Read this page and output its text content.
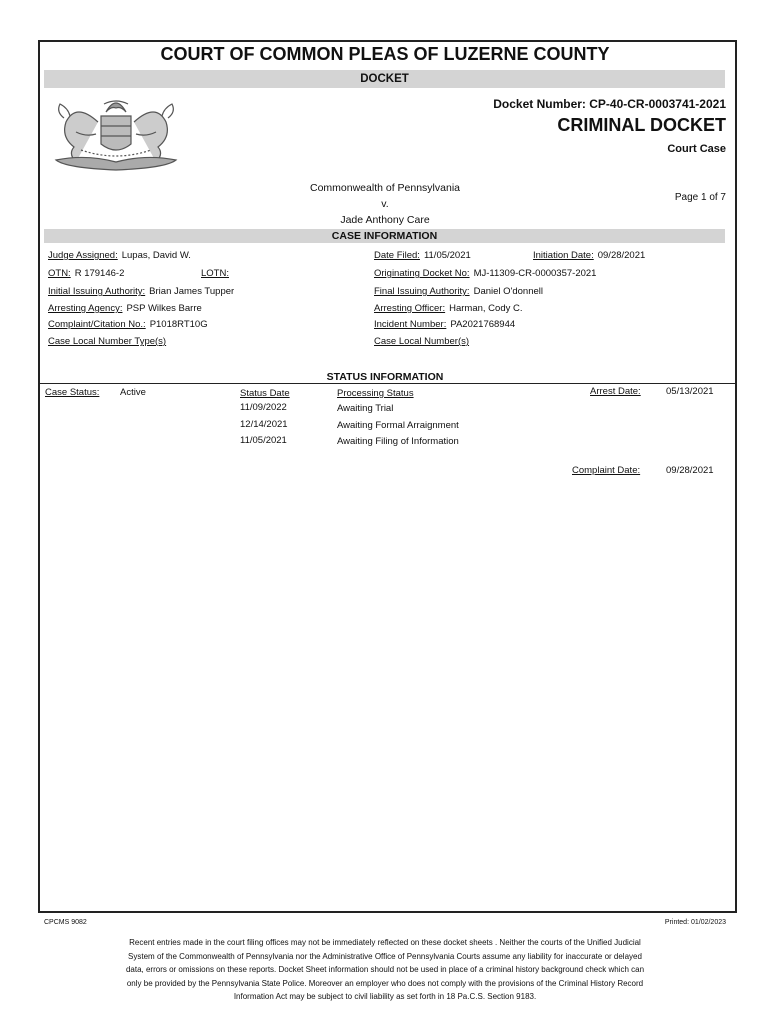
COURT OF COMMON PLEAS OF LUZERNE COUNTY
DOCKET
Docket Number: CP-40-CR-0003741-2021
CRIMINAL DOCKET
Court Case
Commonwealth of Pennsylvania
v.
Jade Anthony Care
Page 1 of 7
CASE INFORMATION
Judge Assigned: Lupas, David W.	Date Filed: 11/05/2021	Initiation Date: 09/28/2021
OTN: R 179146-2	LOTN:	Originating Docket No: MJ-11309-CR-0000357-2021
Initial Issuing Authority: Brian James Tupper	Final Issuing Authority: Daniel O'donnell
Arresting Agency: PSP Wilkes Barre	Arresting Officer: Harman, Cody C.
Complaint/Citation No.: P1018RT10G	Incident Number: PA2021768944
Case Local Number Type(s)	Case Local Number(s)
STATUS INFORMATION
Case Status:	Active	Status Date	Processing Status
11/09/2022	Awaiting Trial
12/14/2021	Awaiting Formal Arraignment
11/05/2021	Awaiting Filing of Information
Arrest Date:	05/13/2021
Complaint Date:	09/28/2021
CPCMS 9082	Printed: 01/02/2023
Recent entries made in the court filing offices may not be immediately reflected on these docket sheets . Neither the courts of the Unified Judicial
System of the Commonwealth of Pennsylvania nor the Administrative Office of Pennsylvania Courts assume any liability for inaccurate or delayed
data, errors or omissions on these reports. Docket Sheet information should not be used in place of a criminal history background check which can
only be provided by the Pennsylvania State Police. Moreover an employer who does not comply with the provisions of the Criminal History Record
Information Act may be subject to civil liability as set forth in 18 Pa.C.S. Section 9183.
